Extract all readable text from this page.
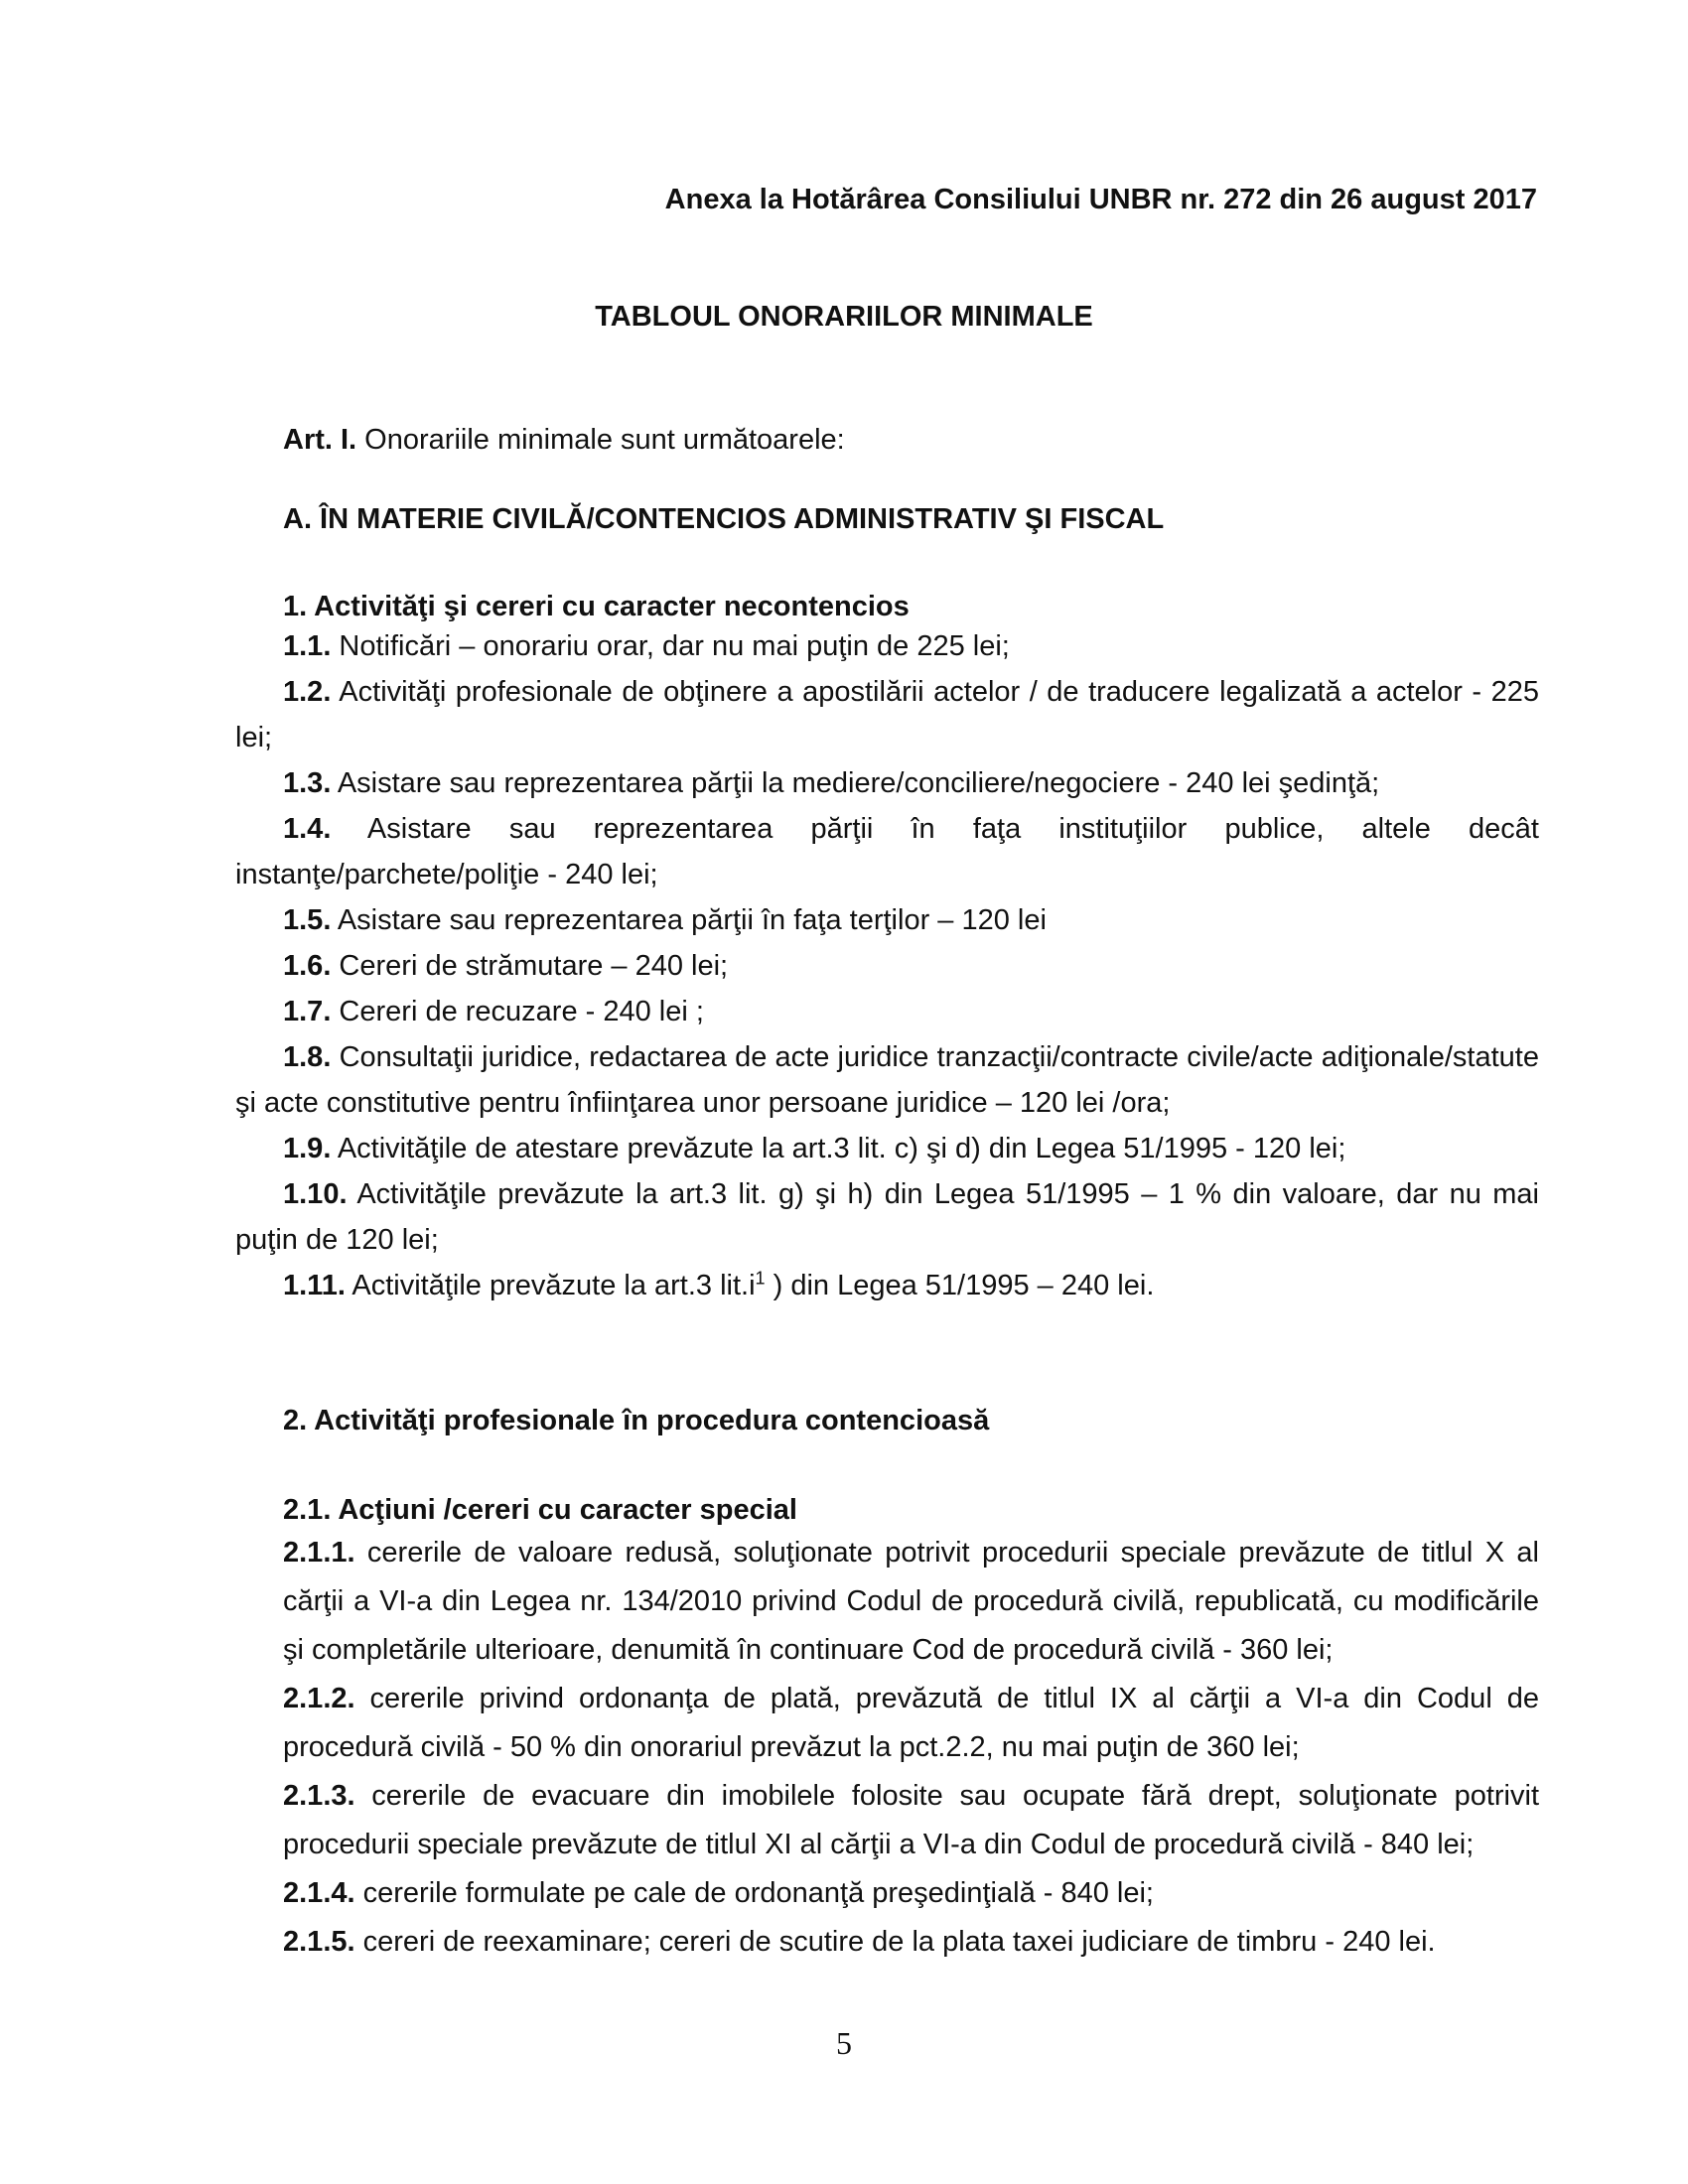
Anexa la Hotărârea Consiliului UNBR nr. 272 din 26 august 2017
TABLOUL ONORARIILOR MINIMALE
Art. I. Onorariile minimale sunt următoarele:
A. ÎN MATERIE CIVILĂ/CONTENCIOS ADMINISTRATIV ŞI FISCAL
1. Activităţi şi cereri cu caracter necontencios

1.1. Notificări – onorariu orar, dar nu mai puţin de 225 lei;

1.2. Activităţi profesionale de obţinere a apostilării actelor / de traducere legalizată a actelor - 225 lei;

1.3. Asistare sau reprezentarea părţii la mediere/conciliere/negociere - 240 lei şedinţă;

1.4. Asistare sau reprezentarea părţii în faţa instituţiilor publice, altele decât instanţe/parchete/poliţie - 240 lei;

1.5. Asistare sau reprezentarea părţii în faţa terţilor – 120 lei

1.6. Cereri de strămutare – 240 lei;

1.7. Cereri de recuzare - 240 lei ;

1.8. Consultaţii juridice, redactarea de acte juridice tranzacţii/contracte civile/acte adiţionale/statute şi acte constitutive pentru înfiinţarea unor persoane juridice – 120 lei /ora;

1.9. Activităţile de atestare prevăzute la art.3 lit. c) şi d) din Legea 51/1995 - 120 lei;

1.10. Activităţile prevăzute la art.3 lit. g) şi h) din Legea 51/1995 – 1 % din valoare, dar nu mai puţin de 120 lei;

1.11. Activităţile prevăzute la art.3 $lit.i^1$ ) din Legea 51/1995 – 240 lei.

2. Activităţi profesionale în procedura contencioasă
2.1. Acţiuni /cereri cu caracter special

2.1.1. cererile de valoare redusă, soluţionate potrivit procedurii speciale prevăzute de titlul X al cărţii a VI-a din Legea nr. 134/2010 privind Codul de procedură civilă, republicată, cu modificările şi completările ulterioare, denumită în continuare Cod de procedură civilă - 360 lei;

2.1.2. cererile privind ordonanţa de plată, prevăzută de titlul IX al cărţii a VI-a din Codul de procedură civilă - 50 % din onorariul prevăzut la pct.2.2, nu mai puţin de 360 lei;

2.1.3. cererile de evacuare din imobilele folosite sau ocupate fără drept, soluţionate potrivit procedurii speciale prevăzute de titlul XI al cărţii a VI-a din Codul de procedură civilă - 840 lei;

2.1.4. cererile formulate pe cale de ordonanţă preşedinţială - 840 lei;

2.1.5. cereri de reexaminare; cereri de scutire de la plata taxei judiciare de timbru - 240 lei.

5
